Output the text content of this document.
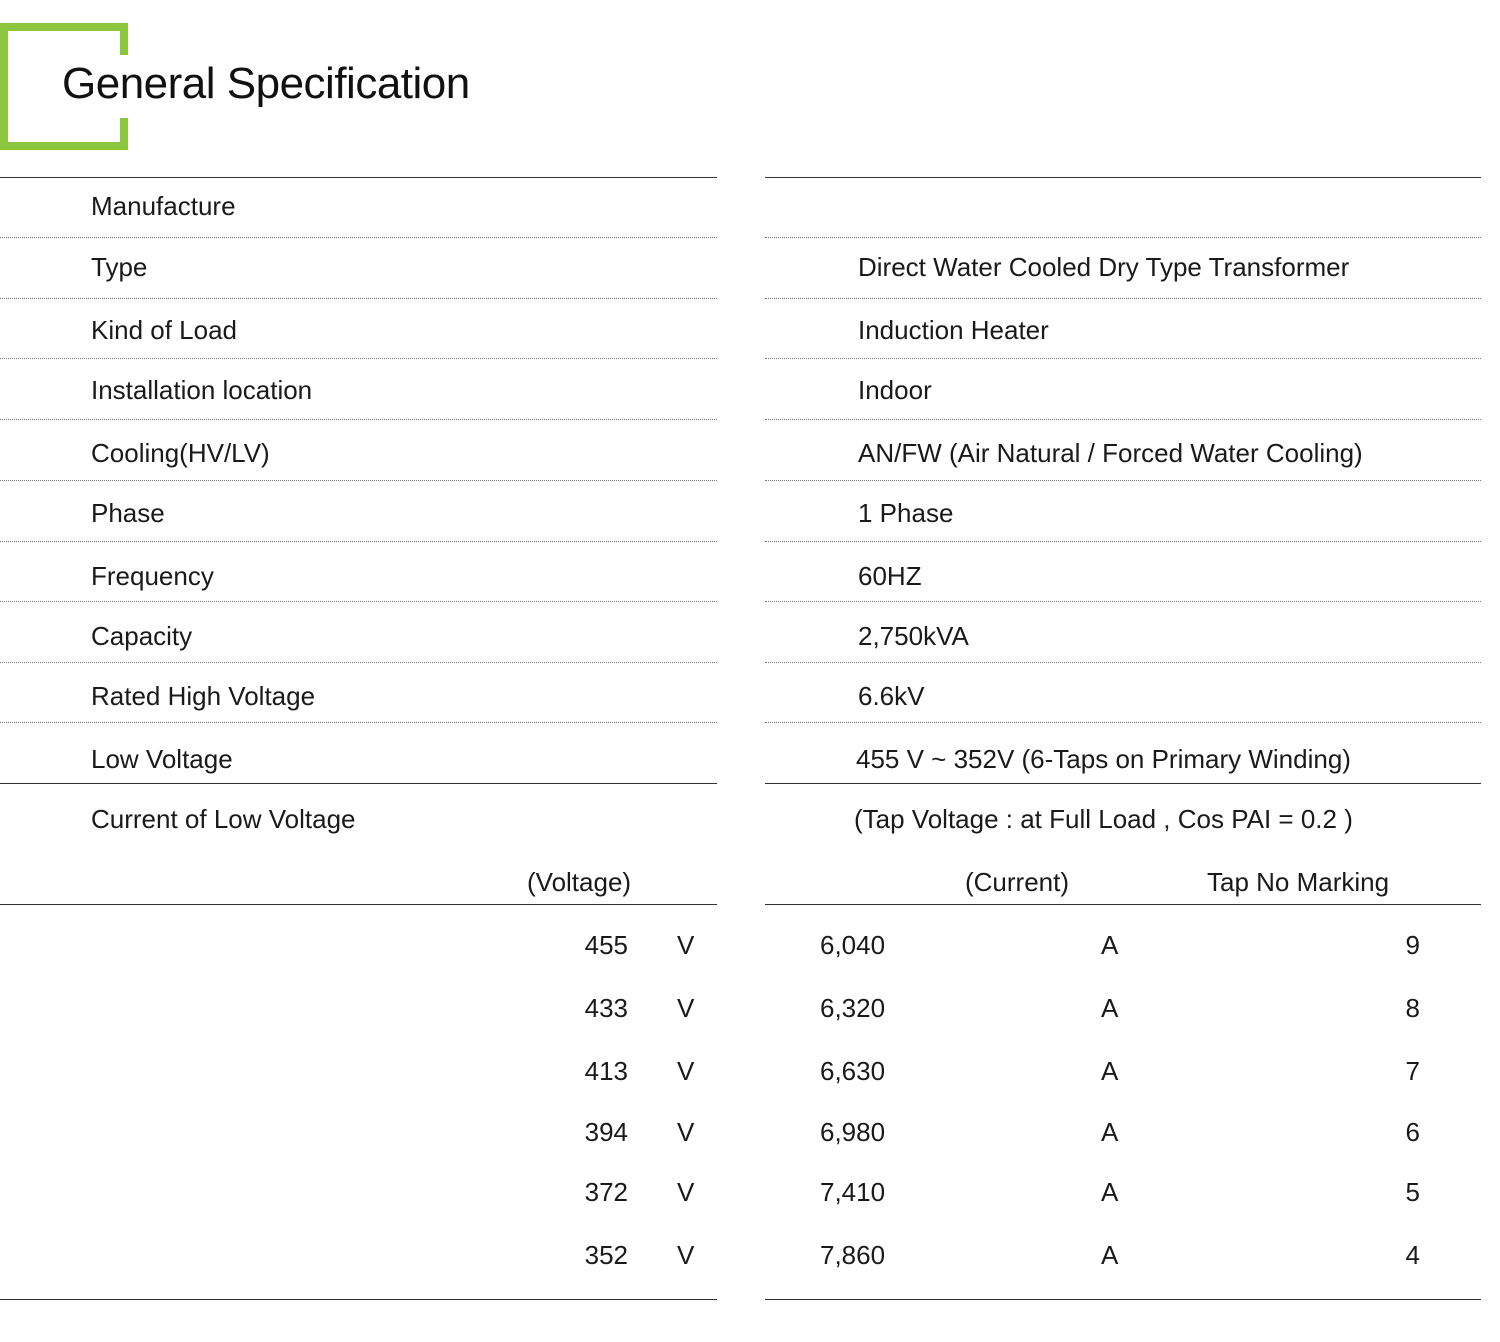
General Specification
Manufacture
Type	Direct Water Cooled Dry Type Transformer
Kind of Load	Induction Heater
Installation location	Indoor
Cooling(HV/LV)	AN/FW (Air Natural / Forced Water Cooling)
Phase	1 Phase
Frequency	60HZ
Capacity	2,750kVA
Rated High Voltage	6.6kV
Low Voltage	455 V ~ 352V (6-Taps on Primary Winding)
Current of Low Voltage	(Tap Voltage : at Full Load , Cos PAI = 0.2 )
(Voltage)	(Current)	Tap No Marking
455 V	6,040	A	9
433 V	6,320	A	8
413 V	6,630	A	7
394 V	6,980	A	6
372 V	7,410	A	5
352 V	7,860	A	4
